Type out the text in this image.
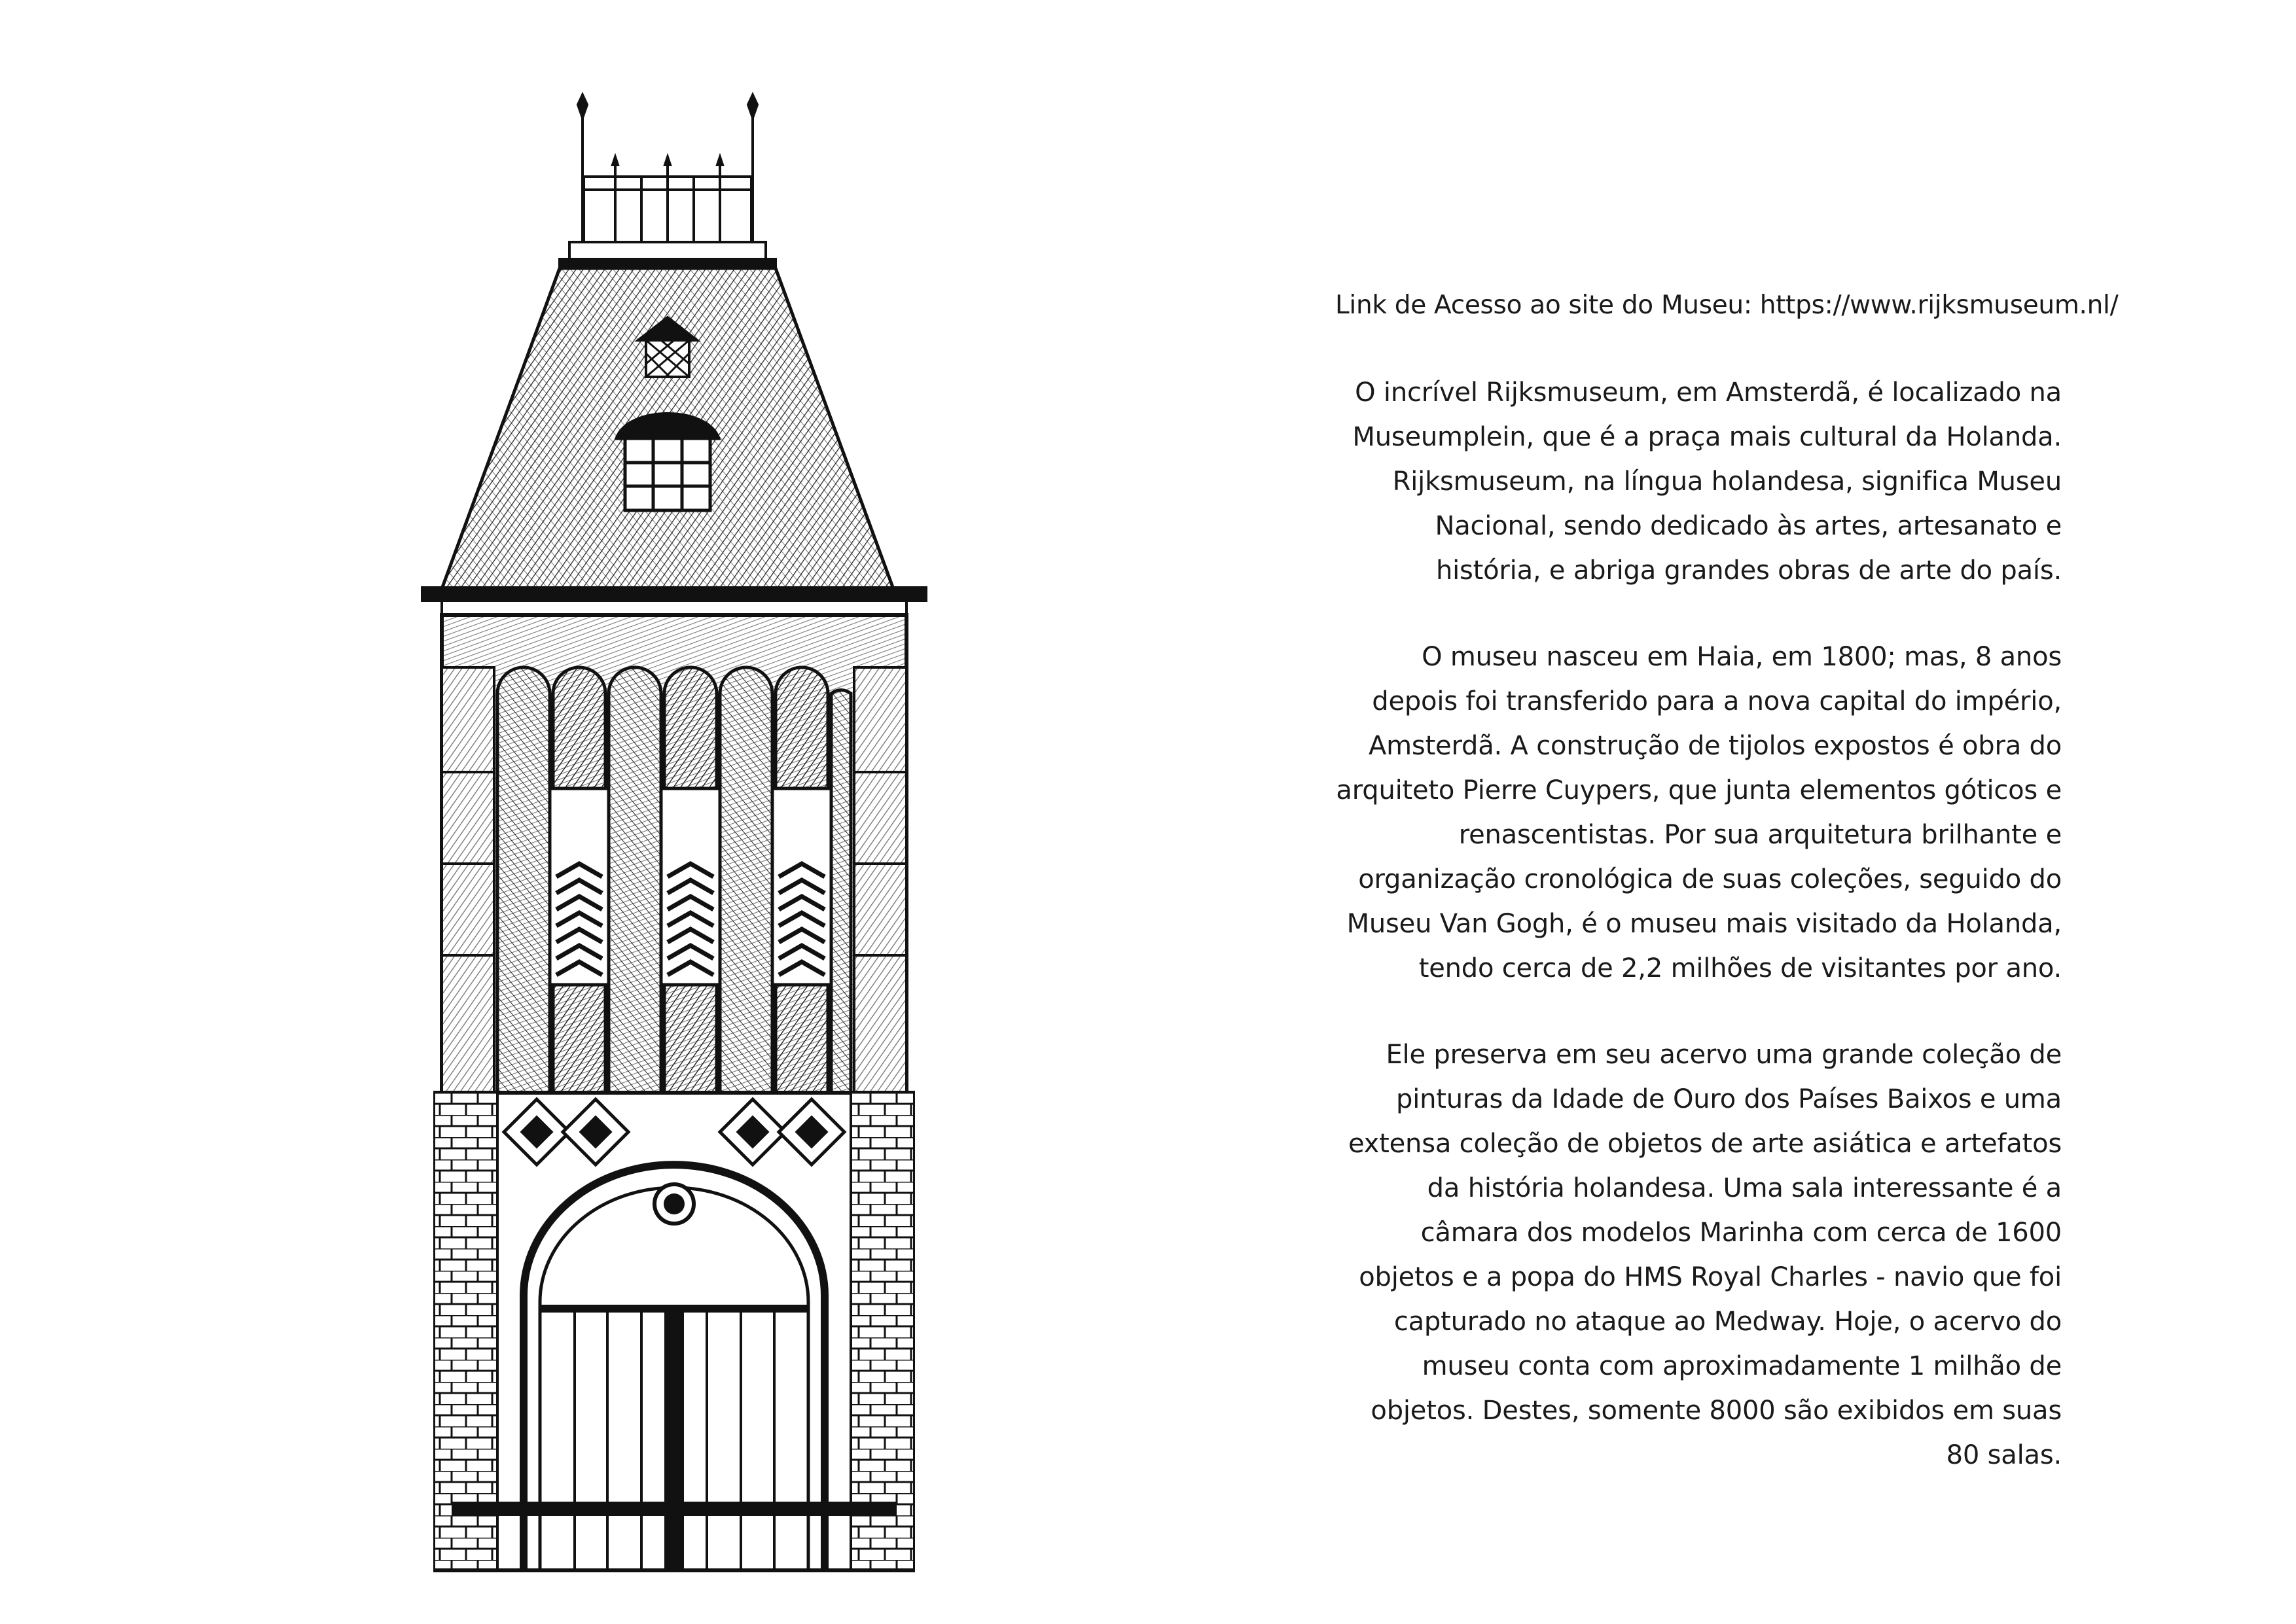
Link de Acesso ao site do Museu: https://www.rijksmuseum.nl/

O incrível Rijksmuseum, em Amsterdã, é localizado na Museumplein, que é a praça mais cultural da Holanda. Rijksmuseum, na língua holandesa, significa Museu Nacional, sendo dedicado às artes, artesanato e história, e abriga grandes obras de arte do país.

O museu nasceu em Haia, em 1800; mas, 8 anos depois foi transferido para a nova capital do império, Amsterdã. A construção de tijolos expostos é obra do arquiteto Pierre Cuypers, que junta elementos góticos e renascentistas. Por sua arquitetura brilhante e organização cronológica de suas coleções, seguido do Museu Van Gogh, é o museu mais visitado da Holanda, tendo cerca de 2,2 milhões de visitantes por ano.

Ele preserva em seu acervo uma grande coleção de pinturas da Idade de Ouro dos Países Baixos e uma extensa coleção de objetos de arte asiática e artefatos da história holandesa. Uma sala interessante é a câmara dos modelos Marinha com cerca de 1600 objetos e a popa do HMS Royal Charles - navio que foi capturado no ataque ao Medway. Hoje, o acervo do museu conta com aproximadamente 1 milhão de objetos. Destes, somente 8000 são exibidos em suas 80 salas.
